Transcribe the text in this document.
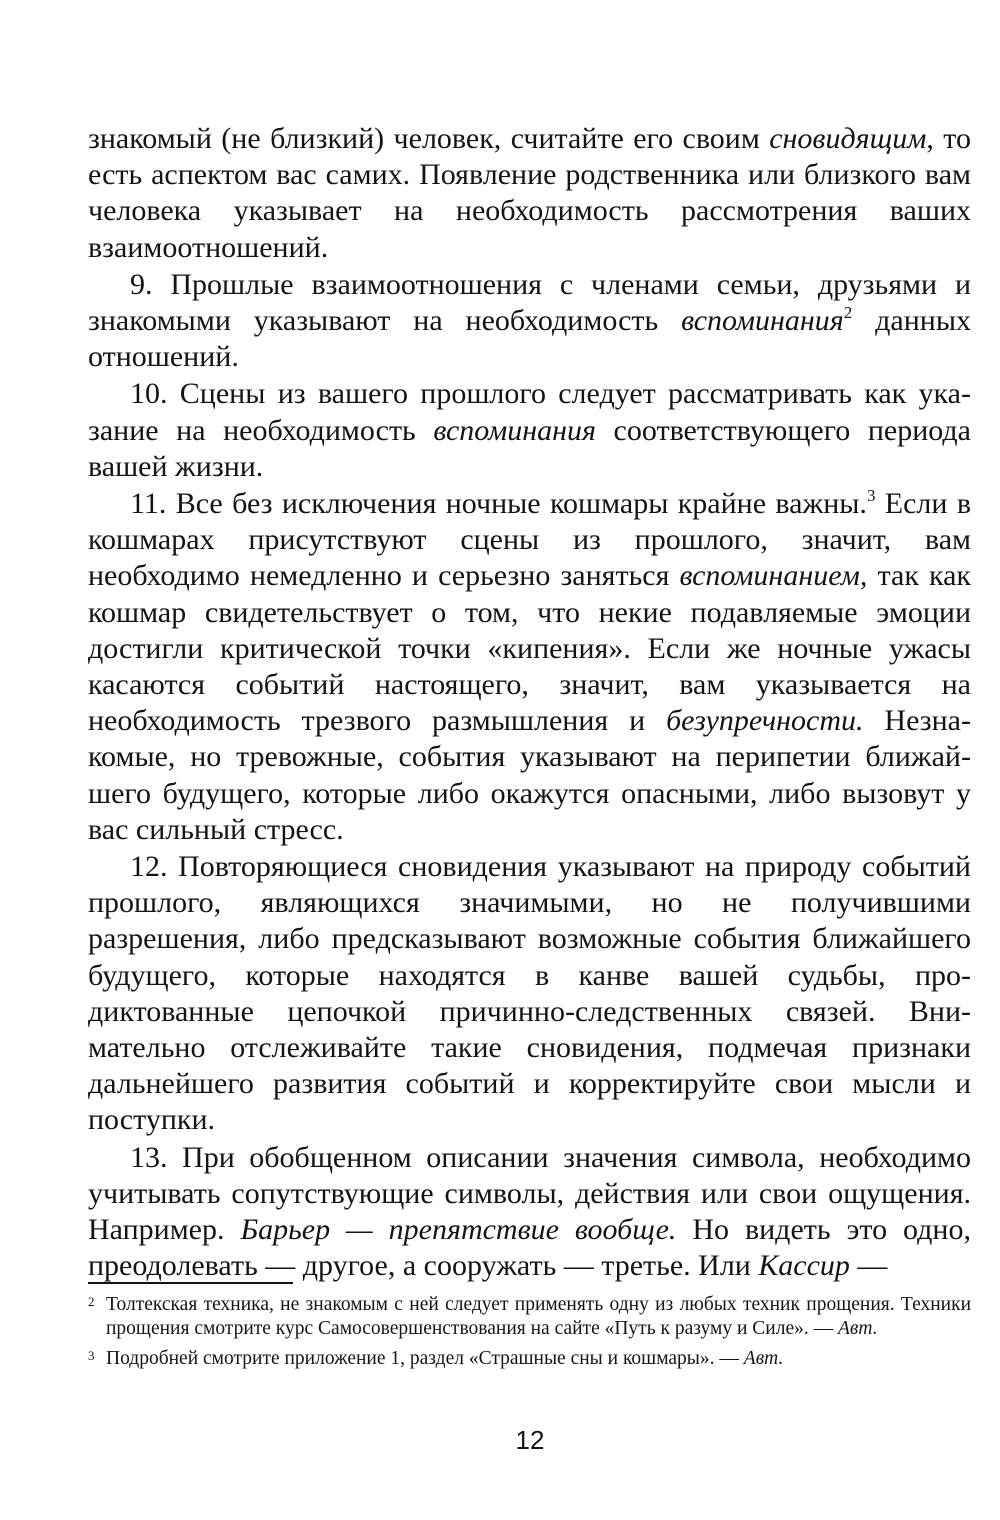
знакомый (не близкий) человек, считайте его своим сновидящим, то есть аспектом вас самих. Появление родственника или близкого вам человека указывает на необходимость рассмотрения ваших взаимоотношений.

9. Прошлые взаимоотношения с членами семьи, друзьями и знакомыми указывают на необходимость вспоминания$^2$ данных отношений.

10. Сцены из вашего прошлого следует рассматривать как указание на необходимость вспоминания соответствующего периода вашей жизни.

11. Все без исключения ночные кошмары крайне важны.$^3$ Если в кошмарах присутствуют сцены из прошлого, значит, вам необходимо немедленно и серьезно заняться вспоминанием, так как кошмар свидетельствует о том, что некие подавляемые эмоции достигли критической точки «кипения». Если же ночные ужасы касаются событий настоящего, значит, вам указывается на необходимость трезвого размышления и безупречности. Незнакомые, но тревожные, события указывают на перипетии ближайшего будущего, которые либо окажутся опасными, либо вызовут у вас сильный стресс.

12. Повторяющиеся сновидения указывают на природу событий прошлого, являющихся значимыми, но не получившими разрешения, либо предсказывают возможные события ближайшего будущего, которые находятся в канве вашей судьбы, продиктованные цепочкой причинно-следственных связей. Внимательно отслеживайте такие сновидения, подмечая признаки дальнейшего развития событий и корректируйте свои мысли и поступки.

13. При обобщенном описании значения символа, необходимо учитывать сопутствующие символы, действия или свои ощущения. Например. Барьер — препятствие вообще. Но видеть это одно, преодолевать — другое, а сооружать — третье. Или Кассир —

2 Толтекская техника, не знакомым с ней следует применять одну из любых техник прощения. Техники прощения смотрите курс Самосовершенствования на сайте «Путь к разуму и Силе». — Авт.
3 Подробней смотрите приложение 1, раздел «Страшные сны и кошмары». — Авт.
12
